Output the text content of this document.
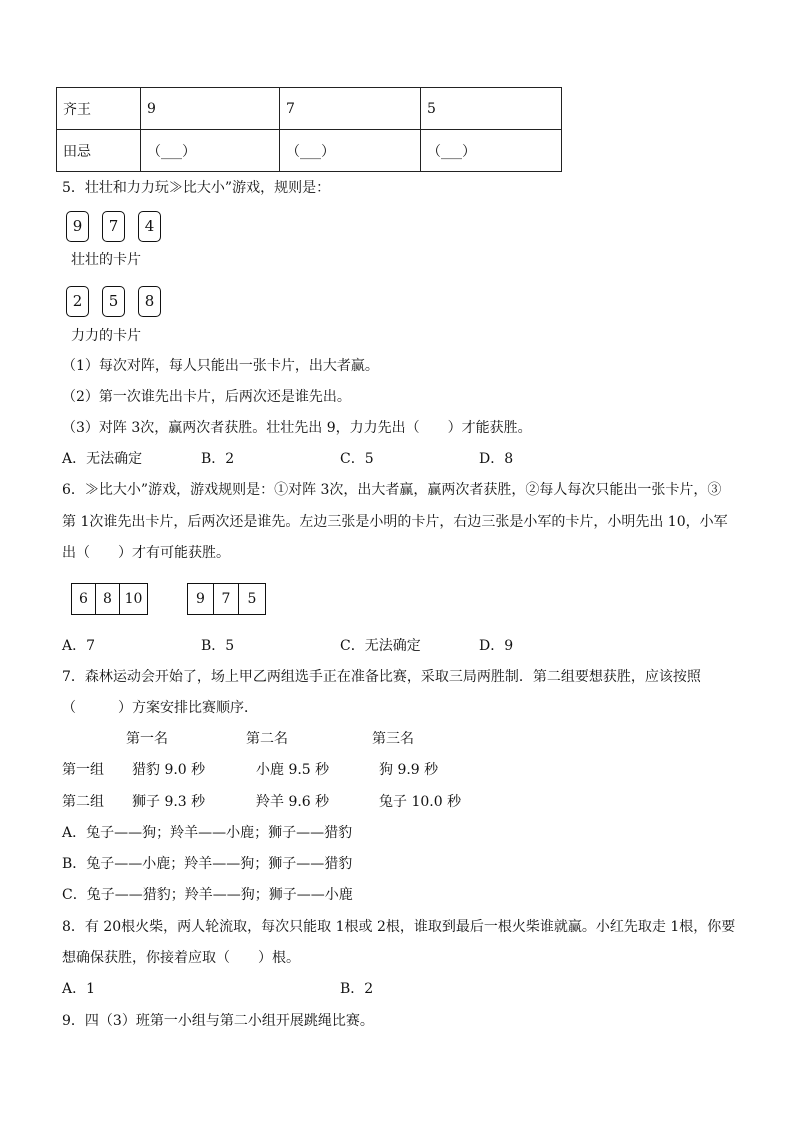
齐王	9	7	5
田忌	（___）	（___）	（___）
5．壮壮和力力玩≫比大小”游戏，规则是：
9	7	4
壮壮的卡片
2	5	8
力力的卡片
（1）每次对阵，每人只能出一张卡片，出大者赢。
（2）第一次谁先出卡片，后两次还是谁先出。
（3）对阵 3次，赢两次者获胜。壮壮先出 9，力力先出（　　）才能获胜。
A．无法确定	B．2	C．5	D．8
6．≫比大小”游戏，游戏规则是：①对阵 3次，出大者赢，赢两次者获胜，②每人每次只能出一张卡片，③
第 1次谁先出卡片，后两次还是谁先。左边三张是小明的卡片，右边三张是小军的卡片，小明先出 10，小军
出（　　）才有可能获胜。
6	8 10	9	7	5
A．7	B．5	C．无法确定	D．9
7．森林运动会开始了，场上甲乙两组选手正在准备比赛，采取三局两胜制．第二组要想获胜，应该按照
（　　　）方案安排比赛顺序．
第一名	第二名	第三名
第一组 猎豹 9.0 秒	小鹿 9.5 秒	狗 9.9 秒
第二组 狮子 9.3 秒	羚羊 9.6 秒	兔子 10.0 秒
A．兔子——狗；羚羊——小鹿；狮子——猎豹
B．兔子——小鹿；羚羊——狗；狮子——猎豹
C．兔子——猎豹；羚羊——狗；狮子——小鹿
8．有 20根火柴，两人轮流取，每次只能取 1根或 2根，谁取到最后一根火柴谁就赢。小红先取走 1根，你要
想确保获胜，你接着应取（　　）根。
A．1	B．2
9．四（3）班第一小组与第二小组开展跳绳比赛。
